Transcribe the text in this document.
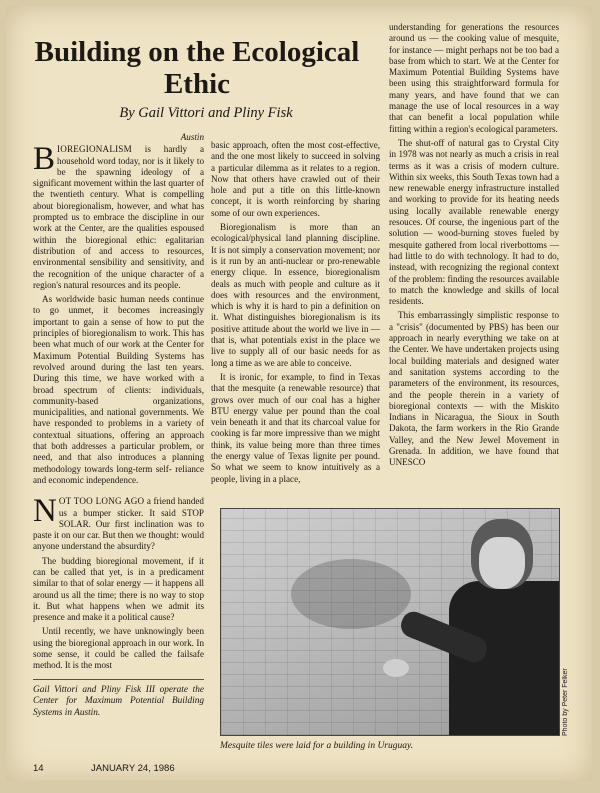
Building on the Ecological Ethic
By Gail Vittori and Pliny Fisk
Austin

BIOREGIONALISM is hardly a household word today, nor is it likely to be the spawning ideology of a significant movement within the last quarter of the twentieth century. What is compelling about bioregionalism, however, and what has prompted us to embrace the discipline in our work at the Center, are the qualities espoused within the bioregional ethic: egalitarian distribution of and access to resources, environmental sensibility and sensitivity, and the recognition of the unique character of a region's natural resources and its people.

As worldwide basic human needs continue to go unmet, it becomes increasingly important to gain a sense of how to put the principles of bioregionalism to work. This has been what much of our work at the Center for Maximum Potential Building Systems has revolved around during the last ten years. During this time, we have worked with a broad spectrum of clients: individuals, community-based organizations, municipalities, and national governments. We have responded to problems in a variety of contextual situations, offering an approach that both addresses a particular problem, or need, and that also introduces a planning methodology towards long-term self- reliance and economic independence.

NOT TOO LONG AGO a friend handed us a bumper sticker. It said STOP SOLAR. Our first inclination was to paste it on our car. But then we thought: would anyone understand the absurdity?

The budding bioregional movement, if it can be called that yet, is in a predicament similar to that of solar energy — it happens all around us all the time; there is no way to stop it. But what happens when we admit its presence and make it a political cause?

Until recently, we have unknowingly been using the bioregional approach in our work. In some sense, it could be called the failsafe method. It is the most

Gail Vittori and Pliny Fisk III operate the Center for Maximum Potential Building Systems in Austin.

basic approach, often the most cost-effective, and the one most likely to succeed in solving a particular dilemma as it relates to a region. Now that others have crawled out of their hole and put a title on this little-known concept, it is worth reinforcing by sharing some of our own experiences.

Bioregionalism is more than an ecological/physical land planning discipline. It is not simply a conservation movement; nor is it run by an anti-nuclear or pro-renewable energy clique. In essence, bioregionalism deals as much with people and culture as it does with resources and the environment, which is why it is hard to pin a definition on it. What distinguishes bioregionalism is its positive attitude about the world we live in — that is, what potentials exist in the place we live to supply all of our basic needs for as long a time as we are able to conceive.

It is ironic, for example, to find in Texas that the mesquite (a renewable resource) that grows over much of our coal has a higher BTU energy value per pound than the coal vein beneath it and that its charcoal value for cooking is far more impressive than we might think, its value being more than three times the energy value of Texas lignite per pound. So what we seem to know intuitively as a people, living in a place,

understanding for generations the resources around us — the cooking value of mesquite, for instance — might perhaps not be too bad a base from which to start. We at the Center for Maximum Potential Building Systems have been using this straightforward formula for many years, and have found that we can manage the use of local resources in a way that can benefit a local population while fitting within a region's ecological parameters.

The shut-off of natural gas to Crystal City in 1978 was not nearly as much a crisis in real terms as it was a crisis of modern culture. Within six weeks, this South Texas town had a new renewable energy infrastructure installed and working to provide for its heating needs using locally available renewable energy resouces. Of course, the ingenious part of the solution — wood-burning stoves fueled by mesquite gathered from local riverbottoms — had little to do with technology. It had to do, instead, with recognizing the regional context of the problem: finding the resources available to match the knowledge and skills of local residents.

This embarrassingly simplistic response to a "crisis" (documented by PBS) has been our approach in nearly everything we take on at the Center. We have undertaken projects using local building materials and designed water and sanitation systems according to the parameters of the environment, its resources, and the people therein in a variety of bioregional contexts — with the Miskito Indians in Nicaragua, the Sioux in South Dakota, the farm workers in the Rio Grande Valley, and the New Jewel Movement in Grenada. In addition, we have found that UNESCO

Photo by Peter Felker
Mesquite tiles were laid for a building in Uruguay.
14	JANUARY 24, 1986
